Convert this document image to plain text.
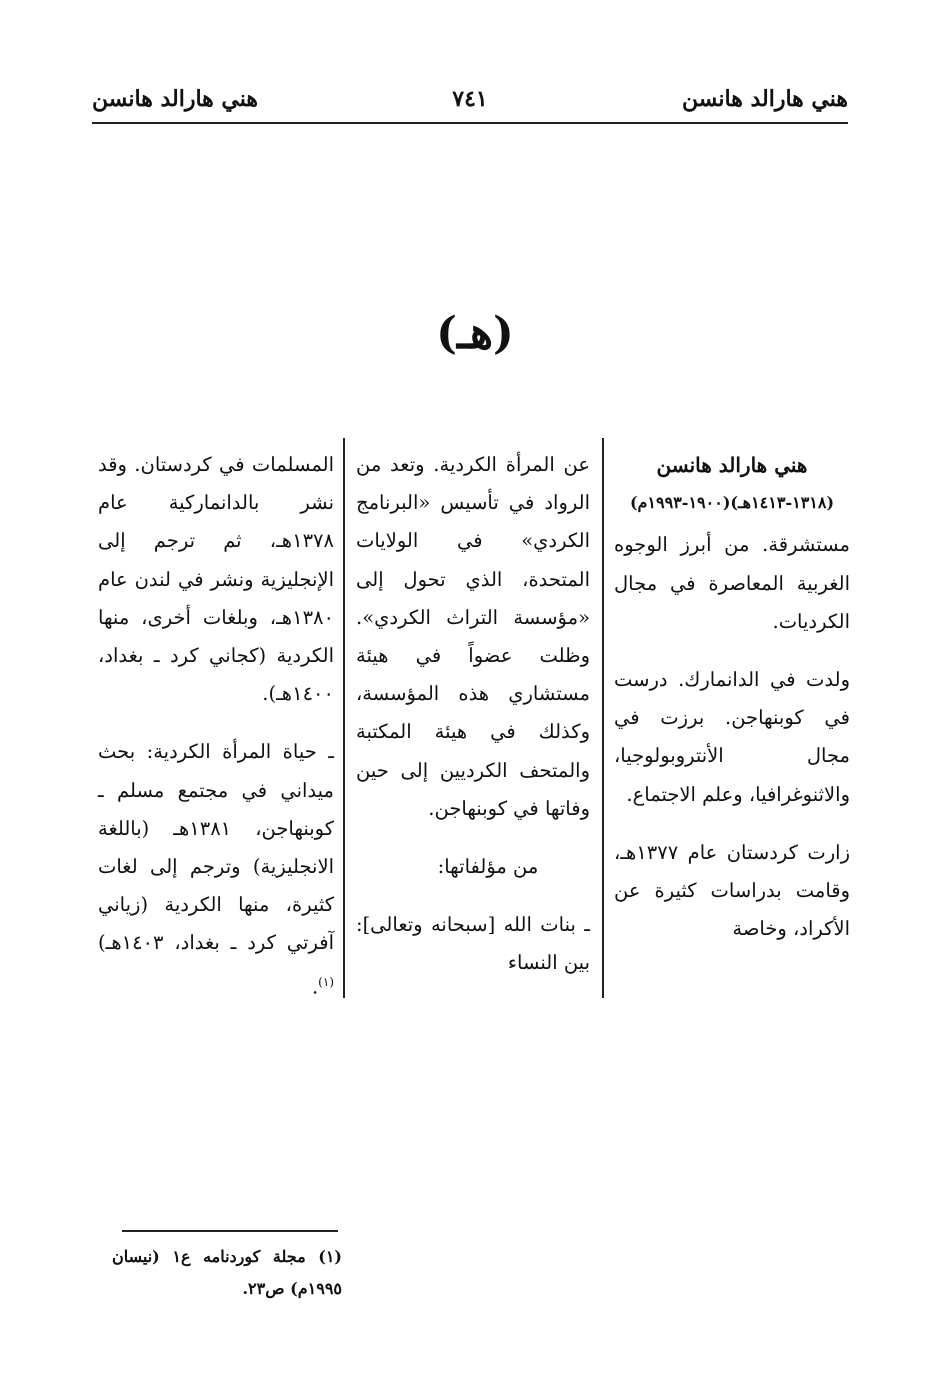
هني هارالد هانسن
٧٤١
هني هارالد هانسن
(هـ)

هني هارالد هانسن

(١٣١٨-١٤١٣هـ)(١٩٠٠-١٩٩٣م)

مستشرقة. من أبرز الوجوه الغربية المعاصرة في مجال الكرديات.

ولدت في الدانمارك. درست في كوبنهاجن. برزت في مجال الأنتروبولوجيا، والاثنوغرافيا، وعلم الاجتماع.

زارت كردستان عام ١٣٧٧هـ، وقامت بدراسات كثيرة عن الأكراد، وخاصة

عن المرأة الكردية. وتعد من الرواد في تأسيس «البرنامج الكردي» في الولايات المتحدة، الذي تحول إلى «مؤسسة التراث الكردي». وظلت عضواً في هيئة مستشاري هذه المؤسسة، وكذلك في هيئة المكتبة والمتحف الكرديين إلى حين وفاتها في كوبنهاجن.

من مؤلفاتها:

ـ بنات الله [سبحانه وتعالى]: بين النساء

المسلمات في كردستان. وقد نشر بالدانماركية عام ١٣٧٨هـ، ثم ترجم إلى الإنجليزية ونشر في لندن عام ١٣٨٠هـ، وبلغات أخرى، منها الكردية (كجاني كرد ـ بغداد، ١٤٠٠هـ).

ـ حياة المرأة الكردية: بحث ميداني في مجتمع مسلم ـ كوبنهاجن، ١٣٨١هـ (باللغة الانجليزية) وترجم إلى لغات كثيرة، منها الكردية (زياني آفرتي كرد ـ بغداد، ١٤٠٣هـ)$^{(١)}$.

(١) مجلة كوردنامه ع١ (نيسان ١٩٩٥م) ص٢٣.
